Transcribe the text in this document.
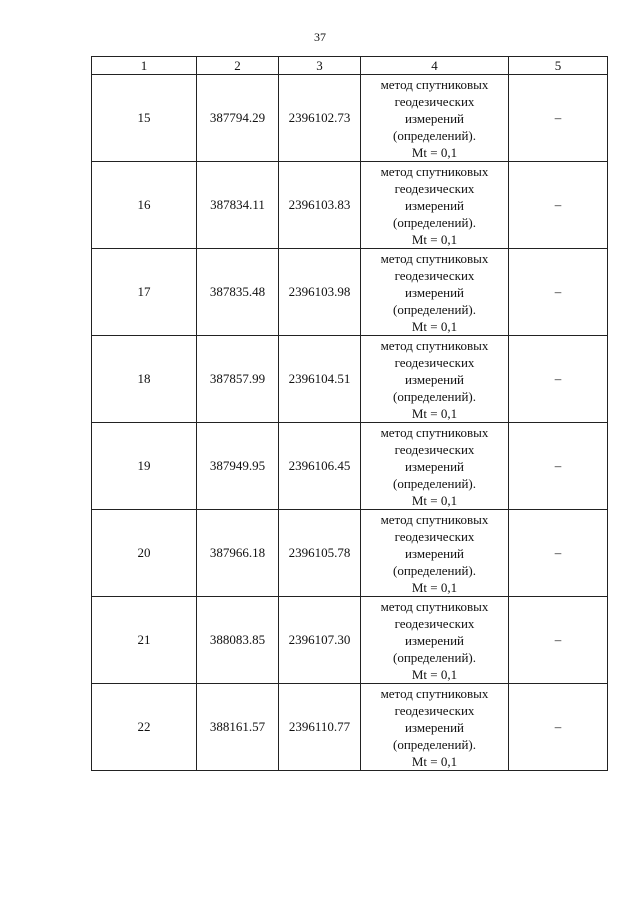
37
1	2	3	4	5
15	387794.29	2396102.73	метод спутниковых
геодезических
измерений
(определений).
Mt = 0,1	–
16	387834.11	2396103.83	метод спутниковых
геодезических
измерений
(определений).
Mt = 0,1	–
17	387835.48	2396103.98	метод спутниковых
геодезических
измерений
(определений).
Mt = 0,1	–
18	387857.99	2396104.51	метод спутниковых
геодезических
измерений
(определений).
Mt = 0,1	–
19	387949.95	2396106.45	метод спутниковых
геодезических
измерений
(определений).
Mt = 0,1	–
20	387966.18	2396105.78	метод спутниковых
геодезических
измерений
(определений).
Mt = 0,1	–
21	388083.85	2396107.30	метод спутниковых
геодезических
измерений
(определений).
Mt = 0,1	–
22	388161.57	2396110.77	метод спутниковых
геодезических
измерений
(определений).
Mt = 0,1	–
